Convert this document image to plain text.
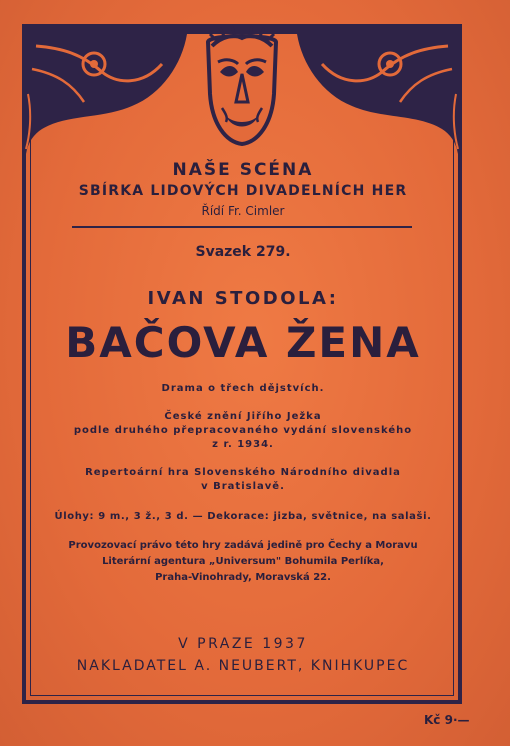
NAŠE SCÉNA
SBÍRKA LIDOVÝCH DIVADELNÍCH HER
Řídí Fr. Cimler
Svazek 279.
IVAN STODOLA:
BAČOVA ŽENA
Drama o třech dějstvích.
České znění Jiřího Ježka
podle druhého přepracovaného vydání slovenského
z r. 1934.
Repertoární hra Slovenského Národního divadla
v Bratislavě.
Úlohy: 9 m., 3 ž., 3 d. — Dekorace: jizba, světnice, na salaši.
Provozovací právo této hry zadává jedině pro Čechy a Moravu
Literární agentura „Universum" Bohumila Perlíka,
Praha-Vinohrady, Moravská 22.
V PRAZE 1937
NAKLADATEL A. NEUBERT, KNIHKUPEC
Kč 9·—
